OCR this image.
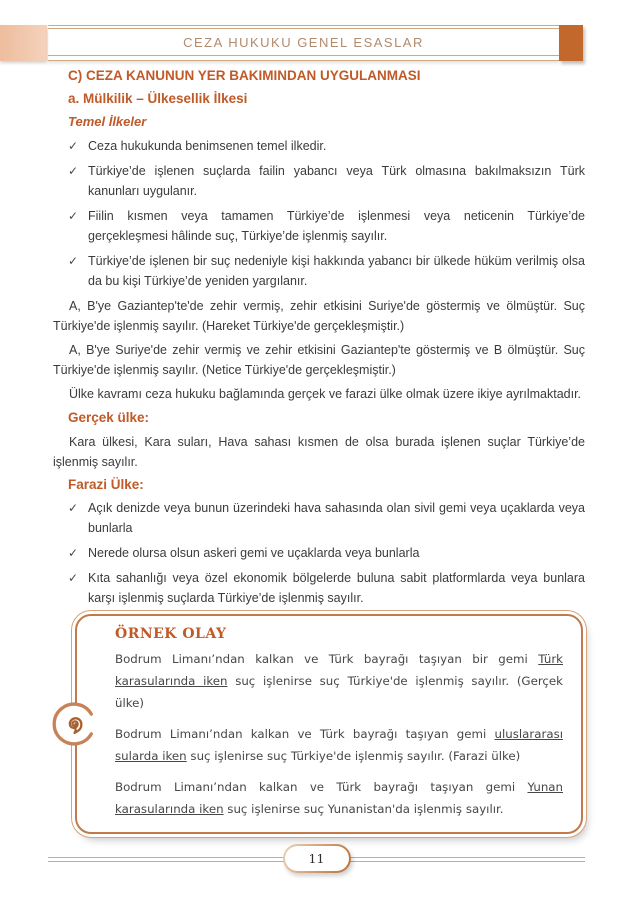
CEZA HUKUKU GENEL ESASLAR
C) CEZA KANUNUN YER BAKIMINDAN UYGULANMASI
a. Mülkilik – Ülkesellik İlkesi
Temel İlkeler
✓ Ceza hukukunda benimsenen temel ilkedir.
✓ Türkiye’de işlenen suçlarda failin yabancı veya Türk olmasına bakılmaksızın Türk kanunları uygulanır.
✓ Fiilin kısmen veya tamamen Türkiye’de işlenmesi veya neticenin Türkiye’de gerçekleşmesi hâlinde suç, Türkiye’de işlenmiş sayılır.
✓ Türkiye’de işlenen bir suç nedeniyle kişi hakkında yabancı bir ülkede hüküm verilmiş olsa da bu kişi Türkiye’de yeniden yargılanır.
A, B'ye Gaziantep'te'de zehir vermiş, zehir etkisini Suriye'de göstermiş ve ölmüştür. Suç Türkiye'de işlenmiş sayılır. (Hareket Türkiye'de gerçekleşmiştir.)
A, B'ye Suriye'de zehir vermiş ve zehir etkisini Gaziantep'te göstermiş ve B ölmüştür. Suç Türkiye'de işlenmiş sayılır. (Netice Türkiye'de gerçekleşmiştir.)
Ülke kavramı ceza hukuku bağlamında gerçek ve farazi ülke olmak üzere ikiye ayrılmaktadır.
Gerçek ülke:
Kara ülkesi, Kara suları, Hava sahası kısmen de olsa burada işlenen suçlar Türkiye’de işlenmiş sayılır.
Farazi Ülke:
✓ Açık denizde veya bunun üzerindeki hava sahasında olan sivil gemi veya uçaklarda veya bunlarla
✓ Nerede olursa olsun askeri gemi ve uçaklarda veya bunlarla
✓ Kıta sahanlığı veya özel ekonomik bölgelerde buluna sabit platformlarda veya bunlara karşı işlenmiş suçlarda Türkiye’de işlenmiş sayılır.
ÖRNEK OLAY
Bodrum Limanı’ndan kalkan ve Türk bayrağı taşıyan bir gemi Türk karasularında iken suç işlenirse suç Türkiye'de işlenmiş sayılır. (Gerçek ülke)
Bodrum Limanı’ndan kalkan ve Türk bayrağı taşıyan gemi uluslararası sularda iken suç işlenirse suç Türkiye'de işlenmiş sayılır. (Farazi ülke)
Bodrum Limanı’ndan kalkan ve Türk bayrağı taşıyan gemi Yunan karasularında iken suç işlenirse suç Yunanistan'da işlenmiş sayılır.
11
